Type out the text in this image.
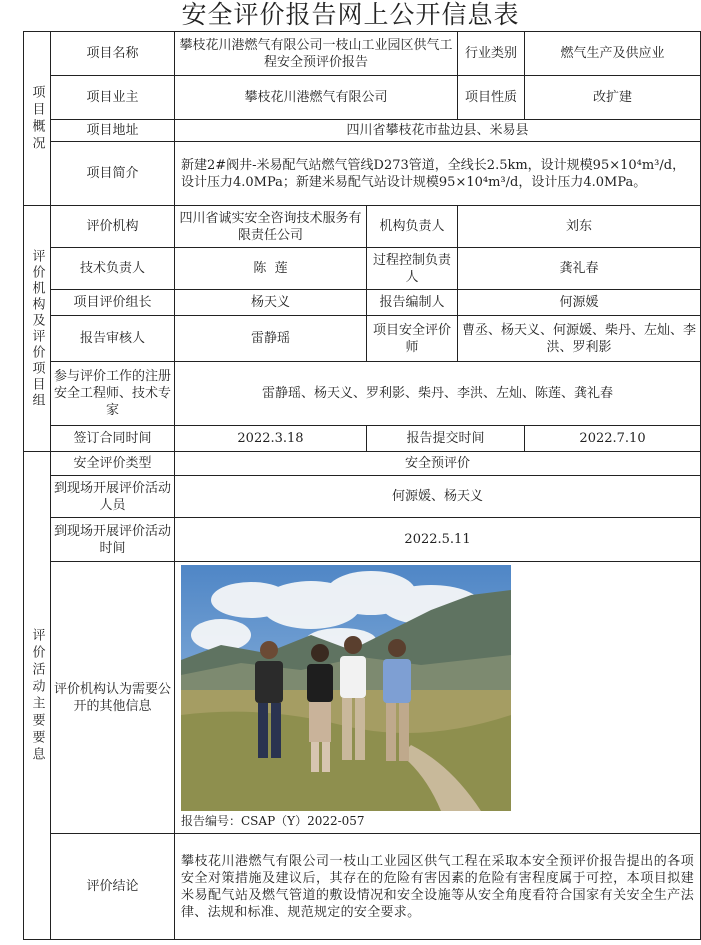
安全评价报告网上公开信息表
项目概况	项目名称	攀枝花川港燃气有限公司一枝山工业园区供气工程安全预评价报告		行业类别	燃气生产及供应业
	项目业主	攀枝花川港燃气有限公司		项目性质	改扩建
	项目地址	四川省攀枝花市盐边县、米易县			
	项目简介	新建2#阀井-米易配气站燃气管线D273管道，全线长2.5km，设计规模95×10⁴m³/d，设计压力4.0MPa；新建米易配气站设计规模95×10⁴m³/d，设计压力4.0MPa。			
评价机构及评价项目组	评价机构	四川省诚实安全咨询技术服务有限责任公司	机构负责人	刘东	
	技术负责人	陈  莲	过程控制负责人	龚礼春	
	项目评价组长	杨天义	报告编制人	何源媛	
	报告审核人	雷静瑶	项目安全评价师	曹丞、杨天义、何源媛、柴丹、左灿、李洪、罗利影	
	参与评价工作的注册安全工程师、技术专家	雷静瑶、杨天义、罗利影、柴丹、李洪、左灿、陈莲、龚礼春			
	签订合同时间	2022.3.18	报告提交时间		2022.7.10
评价活动主要要息	安全评价类型	安全预评价			
	到现场开展评价活动人员	何源媛、杨天义			
	到现场开展评价活动时间	2022.5.11			
	评价机构认为需要公开的其他信息	报告编号：CSAP（Y）2022-057			

	评价结论	攀枝花川港燃气有限公司一枝山工业园区供气工程在采取本安全预评价报告提出的各项安全对策措施及建议后，其存在的危险有害因素的危险有害程度属于可控，本项目拟建米易配气站及燃气管道的敷设情况和安全设施等从安全角度看符合国家有关安全生产法律、法规和标准、规范规定的安全要求。			
